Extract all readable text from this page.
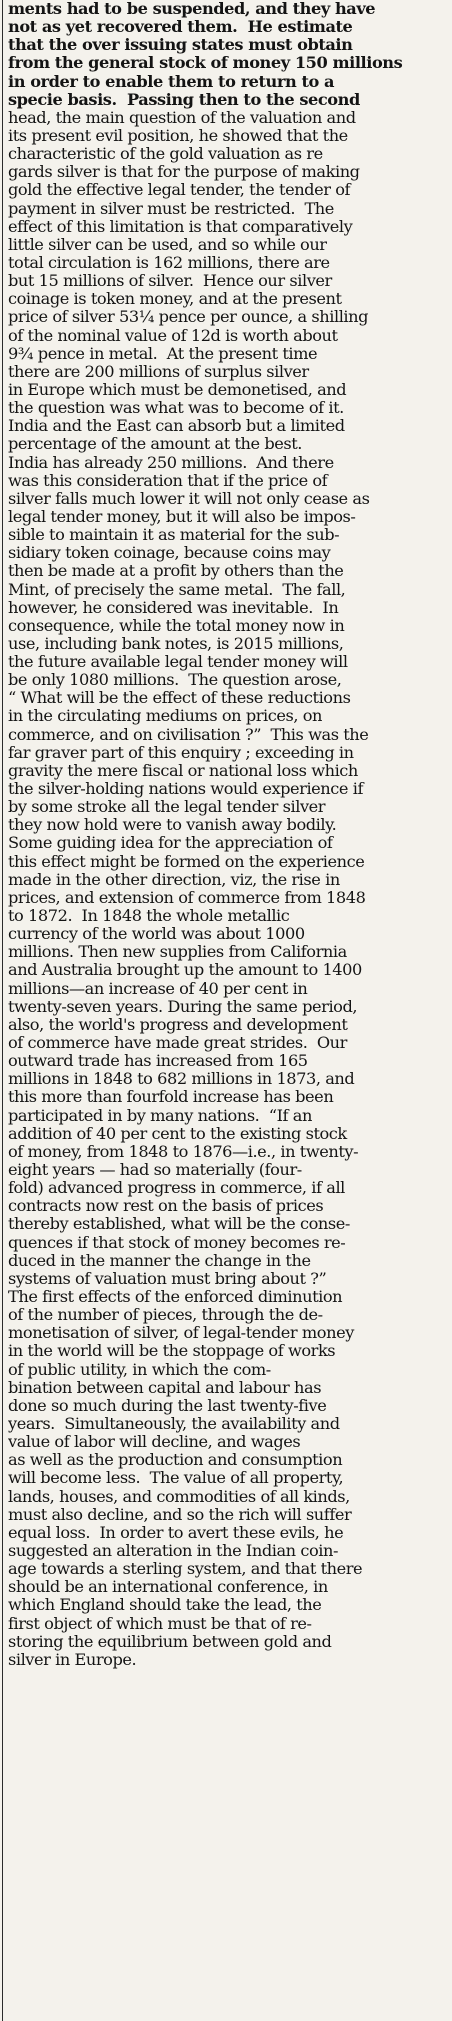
ments had to be suspended, and they have
not as yet recovered them.  He estimate
that the over issuing states must obtain
from the general stock of money 150 millions
in order to enable them to return to a
specie basis.  Passing then to the second
head, the main question of the valuation and
its present evil position, he showed that the
characteristic of the gold valuation as re
gards silver is that for the purpose of making
gold the effective legal tender, the tender of
payment in silver must be restricted.  The
effect of this limitation is that comparatively
little silver can be used, and so while our
total circulation is 162 millions, there are
but 15 millions of silver.  Hence our silver
coinage is token money, and at the present
price of silver 53¼ pence per ounce, a shilling
of the nominal value of 12d is worth about
9¾ pence in metal.  At the present time
there are 200 millions of surplus silver
in Europe which must be demonetised, and
the question was what was to become of it.
India and the East can absorb but a limited
percentage of the amount at the best.
India has already 250 millions.  And there
was this consideration that if the price of
silver falls much lower it will not only cease as
legal tender money, but it will also be impos-
sible to maintain it as material for the sub-
sidiary token coinage, because coins may
then be made at a profit by others than the
Mint, of precisely the same metal.  The fall,
however, he considered was inevitable.  In
consequence, while the total money now in
use, including bank notes, is 2015 millions,
the future available legal tender money will
be only 1080 millions.  The question arose,
“ What will be the effect of these reductions
in the circulating mediums on prices, on
commerce, and on civilisation ?”  This was the
far graver part of this enquiry ; exceeding in
gravity the mere fiscal or national loss which
the silver-holding nations would experience if
by some stroke all the legal tender silver
they now hold were to vanish away bodily.
Some guiding idea for the appreciation of
this effect might be formed on the experience
made in the other direction, viz, the rise in
prices, and extension of commerce from 1848
to 1872.  In 1848 the whole metallic
currency of the world was about 1000
millions. Then new supplies from California
and Australia brought up the amount to 1400
millions—an increase of 40 per cent in
twenty-seven years. During the same period,
also, the world's progress and development
of commerce have made great strides.  Our
outward trade has increased from 165
millions in 1848 to 682 millions in 1873, and
this more than fourfold increase has been
participated in by many nations.  “If an
addition of 40 per cent to the existing stock
of money, from 1848 to 1876—i.e., in twenty-
eight years — had so materially (four-
fold) advanced progress in commerce, if all
contracts now rest on the basis of prices
thereby established, what will be the conse-
quences if that stock of money becomes re-
duced in the manner the change in the
systems of valuation must bring about ?”
The first effects of the enforced diminution
of the number of pieces, through the de-
monetisation of silver, of legal-tender money
in the world will be the stoppage of works
of public utility, in which the com-
bination between capital and labour has
done so much during the last twenty-five
years.  Simultaneously, the availability and
value of labor will decline, and wages
as well as the production and consumption
will become less.  The value of all property,
lands, houses, and commodities of all kinds,
must also decline, and so the rich will suffer
equal loss.  In order to avert these evils, he
suggested an alteration in the Indian coin-
age towards a sterling system, and that there
should be an international conference, in
which England should take the lead, the
first object of which must be that of re-
storing the equilibrium between gold and
silver in Europe.
